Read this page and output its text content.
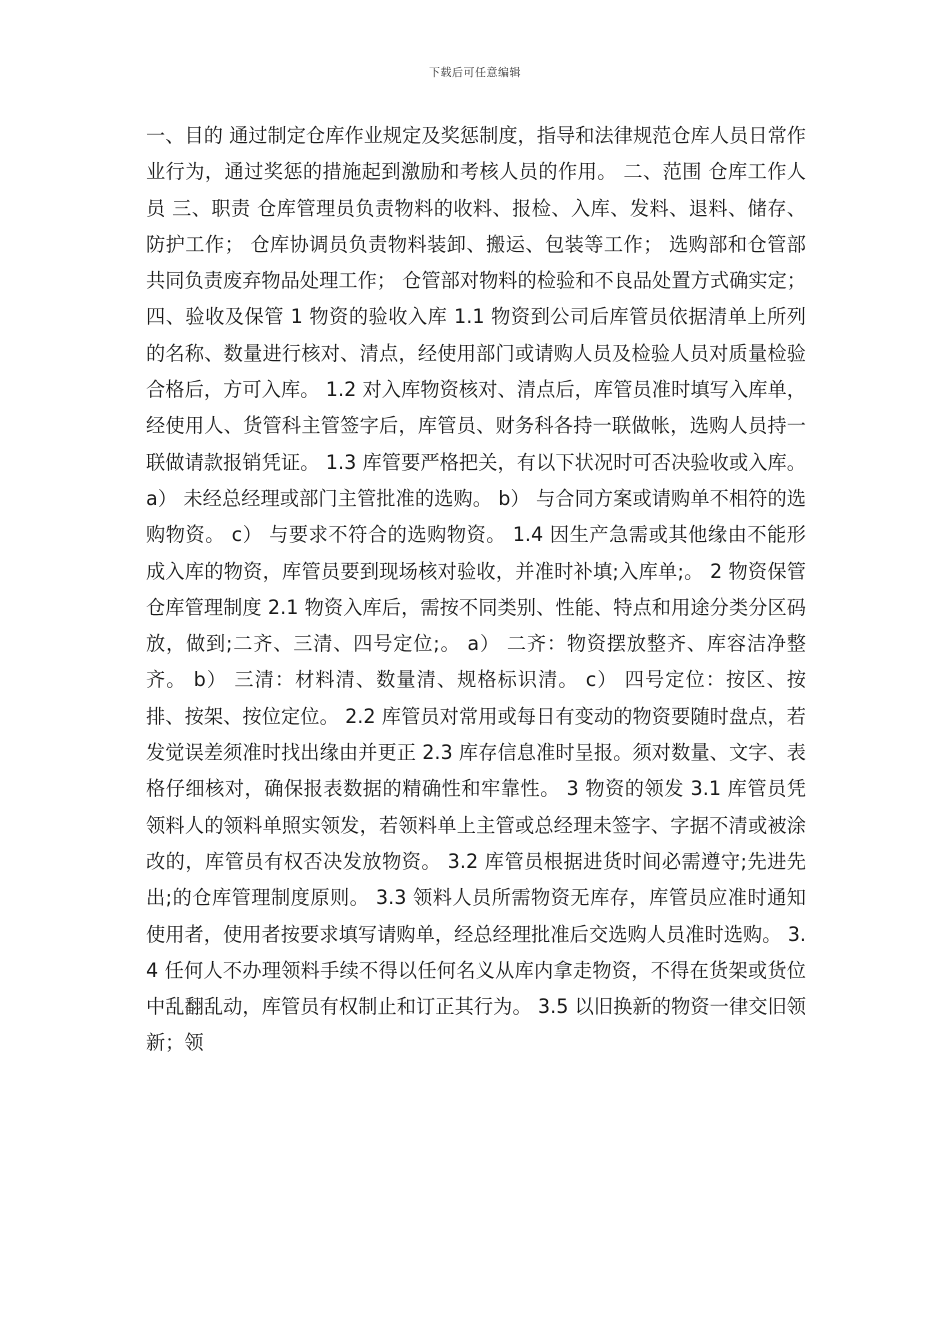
下载后可任意编辑

一、目的 通过制定仓库作业规定及奖惩制度，指导和法律规范仓库人员日常作业行为，通过奖惩的措施起到激励和考核人员的作用。 二、范围 仓库工作人员 三、职责 仓库管理员负责物料的收料、报检、入库、发料、退料、储存、防护工作； 仓库协调员负责物料装卸、搬运、包装等工作； 选购部和仓管部共同负责废弃物品处理工作； 仓管部对物料的检验和不良品处置方式确实定； 四、验收及保管 1 物资的验收入库 1.1 物资到公司后库管员依据清单上所列的名称、数量进行核对、清点，经使用部门或请购人员及检验人员对质量检验合格后，方可入库。 1.2 对入库物资核对、清点后，库管员准时填写入库单，经使用人、货管科主管签字后，库管员、财务科各持一联做帐，选购人员持一联做请款报销凭证。 1.3 库管要严格把关，有以下状况时可否决验收或入库。 a） 未经总经理或部门主管批准的选购。 b） 与合同方案或请购单不相符的选购物资。 c） 与要求不符合的选购物资。 1.4 因生产急需或其他缘由不能形成入库的物资，库管员要到现场核对验收，并准时补填;入库单;。 2 物资保管仓库管理制度 2.1 物资入库后，需按不同类别、性能、特点和用途分类分区码放，做到;二齐、三清、四号定位;。 a） 二齐：物资摆放整齐、库容洁净整齐。 b） 三清：材料清、数量清、规格标识清。 c） 四号定位：按区、按排、按架、按位定位。 2.2 库管员对常用或每日有变动的物资要随时盘点，若发觉误差须准时找出缘由并更正 2.3 库存信息准时呈报。须对数量、文字、表格仔细核对，确保报表数据的精确性和牢靠性。 3 物资的领发 3.1 库管员凭领料人的领料单照实领发，若领料单上主管或总经理未签字、字据不清或被涂改的，库管员有权否决发放物资。 3.2 库管员根据进货时间必需遵守;先进先出;的仓库管理制度原则。 3.3 领料人员所需物资无库存，库管员应准时通知使用者，使用者按要求填写请购单，经总经理批准后交选购人员准时选购。 3.4 任何人不办理领料手续不得以任何名义从库内拿走物资，不得在货架或货位中乱翻乱动，库管员有权制止和订正其行为。 3.5 以旧换新的物资一律交旧领新；领
